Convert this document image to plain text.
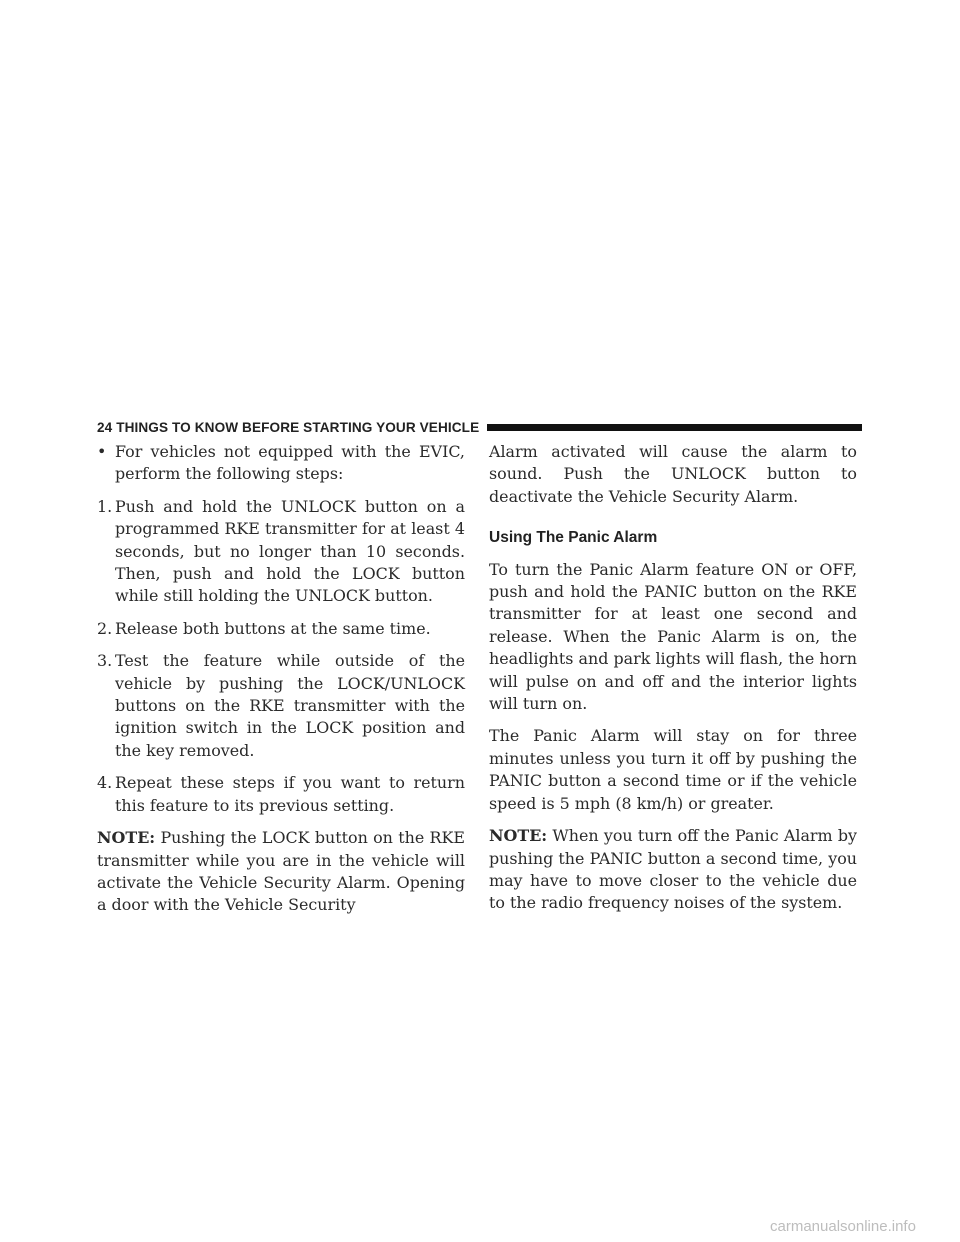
24 THINGS TO KNOW BEFORE STARTING YOUR VEHICLE
• For vehicles not equipped with the EVIC, perform the following steps:
1. Push and hold the UNLOCK button on a programmed RKE transmitter for at least 4 seconds, but no longer than 10 seconds. Then, push and hold the LOCK button while still holding the UNLOCK button.
2. Release both buttons at the same time.
3. Test the feature while outside of the vehicle by pushing the LOCK/UNLOCK buttons on the RKE transmitter with the ignition switch in the LOCK position and the key removed.
4. Repeat these steps if you want to return this feature to its previous setting.

NOTE: Pushing the LOCK button on the RKE transmitter while you are in the vehicle will activate the Vehicle Security Alarm. Opening a door with the Vehicle Security

Alarm activated will cause the alarm to sound. Push the UNLOCK button to deactivate the Vehicle Security Alarm.

Using The Panic Alarm

To turn the Panic Alarm feature ON or OFF, push and hold the PANIC button on the RKE transmitter for at least one second and release. When the Panic Alarm is on, the headlights and park lights will flash, the horn will pulse on and off and the interior lights will turn on.

The Panic Alarm will stay on for three minutes unless you turn it off by pushing the PANIC button a second time or if the vehicle speed is 5 mph (8 km/h) or greater.

NOTE: When you turn off the Panic Alarm by pushing the PANIC button a second time, you may have to move closer to the vehicle due to the radio frequency noises of the system.

carmanualsonline.info
